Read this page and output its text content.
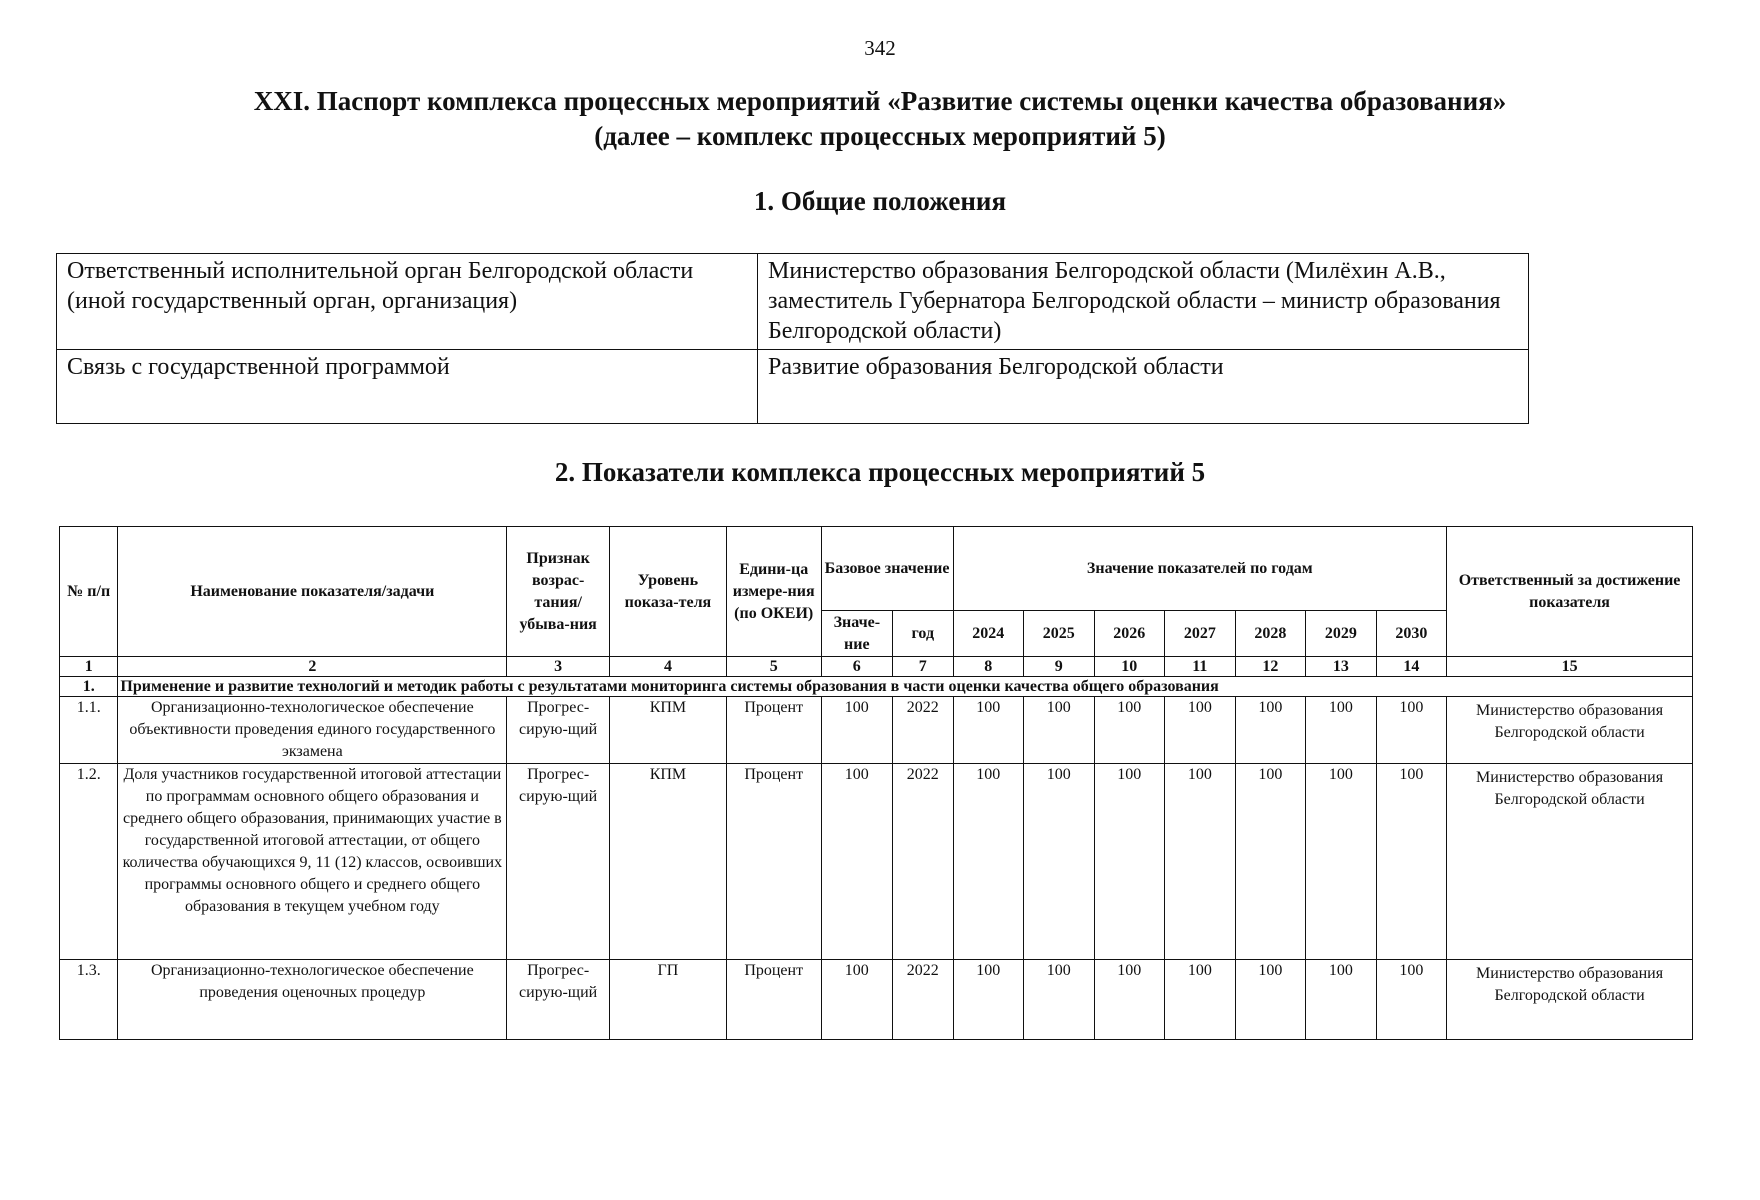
342
XXI. Паспорт комплекса процессных мероприятий «Развитие системы оценки качества образования»
(далее – комплекс процессных мероприятий 5)
1. Общие положения
Ответственный исполнительной орган Белгородской области (иной государственный орган, организация)	Министерство образования Белгородской области (Милёхин А.В., заместитель Губернатора Белгородской области – министр образования Белгородской области)
Связь с государственной программой	Развитие образования Белгородской области
2. Показатели комплекса процессных мероприятий 5
№ п/п	Наименование показателя/задачи	Признак возрас-тания/ убыва-ния	Уровень показа-теля	Едини-ца измере-ния (по ОКЕИ)	Базовое значение		Значение показателей по годам							Ответственный за достижение показателя
					Значе-ние	год	2024	2025	2026	2027	2028	2029	2030	
1	2	3	4	5	6	7	8	9	10	11	12	13	14	15
1.	Применение и развитие технологий и методик работы с результатами мониторинга системы образования в части оценки качества общего образования													
1.1.	Организационно-технологическое обеспечение объективности проведения единого государственного экзамена	Прогрес-сирую-щий	КПМ	Процент	100	2022	100	100	100	100	100	100	100	Министерство образования Белгородской области
1.2.	Доля участников государственной итоговой аттестации по программам основного общего образования и среднего общего образования, принимающих участие в государственной итоговой аттестации, от общего количества обучающихся 9, 11 (12) классов, освоивших программы основного общего и среднего общего образования в текущем учебном году	Прогрес-сирую-щий	КПМ	Процент	100	2022	100	100	100	100	100	100	100	Министерство образования Белгородской области
1.3.	Организационно-технологическое обеспечение проведения оценочных процедур	Прогрес-сирую-щий	ГП	Процент	100	2022	100	100	100	100	100	100	100	Министерство образования Белгородской области
